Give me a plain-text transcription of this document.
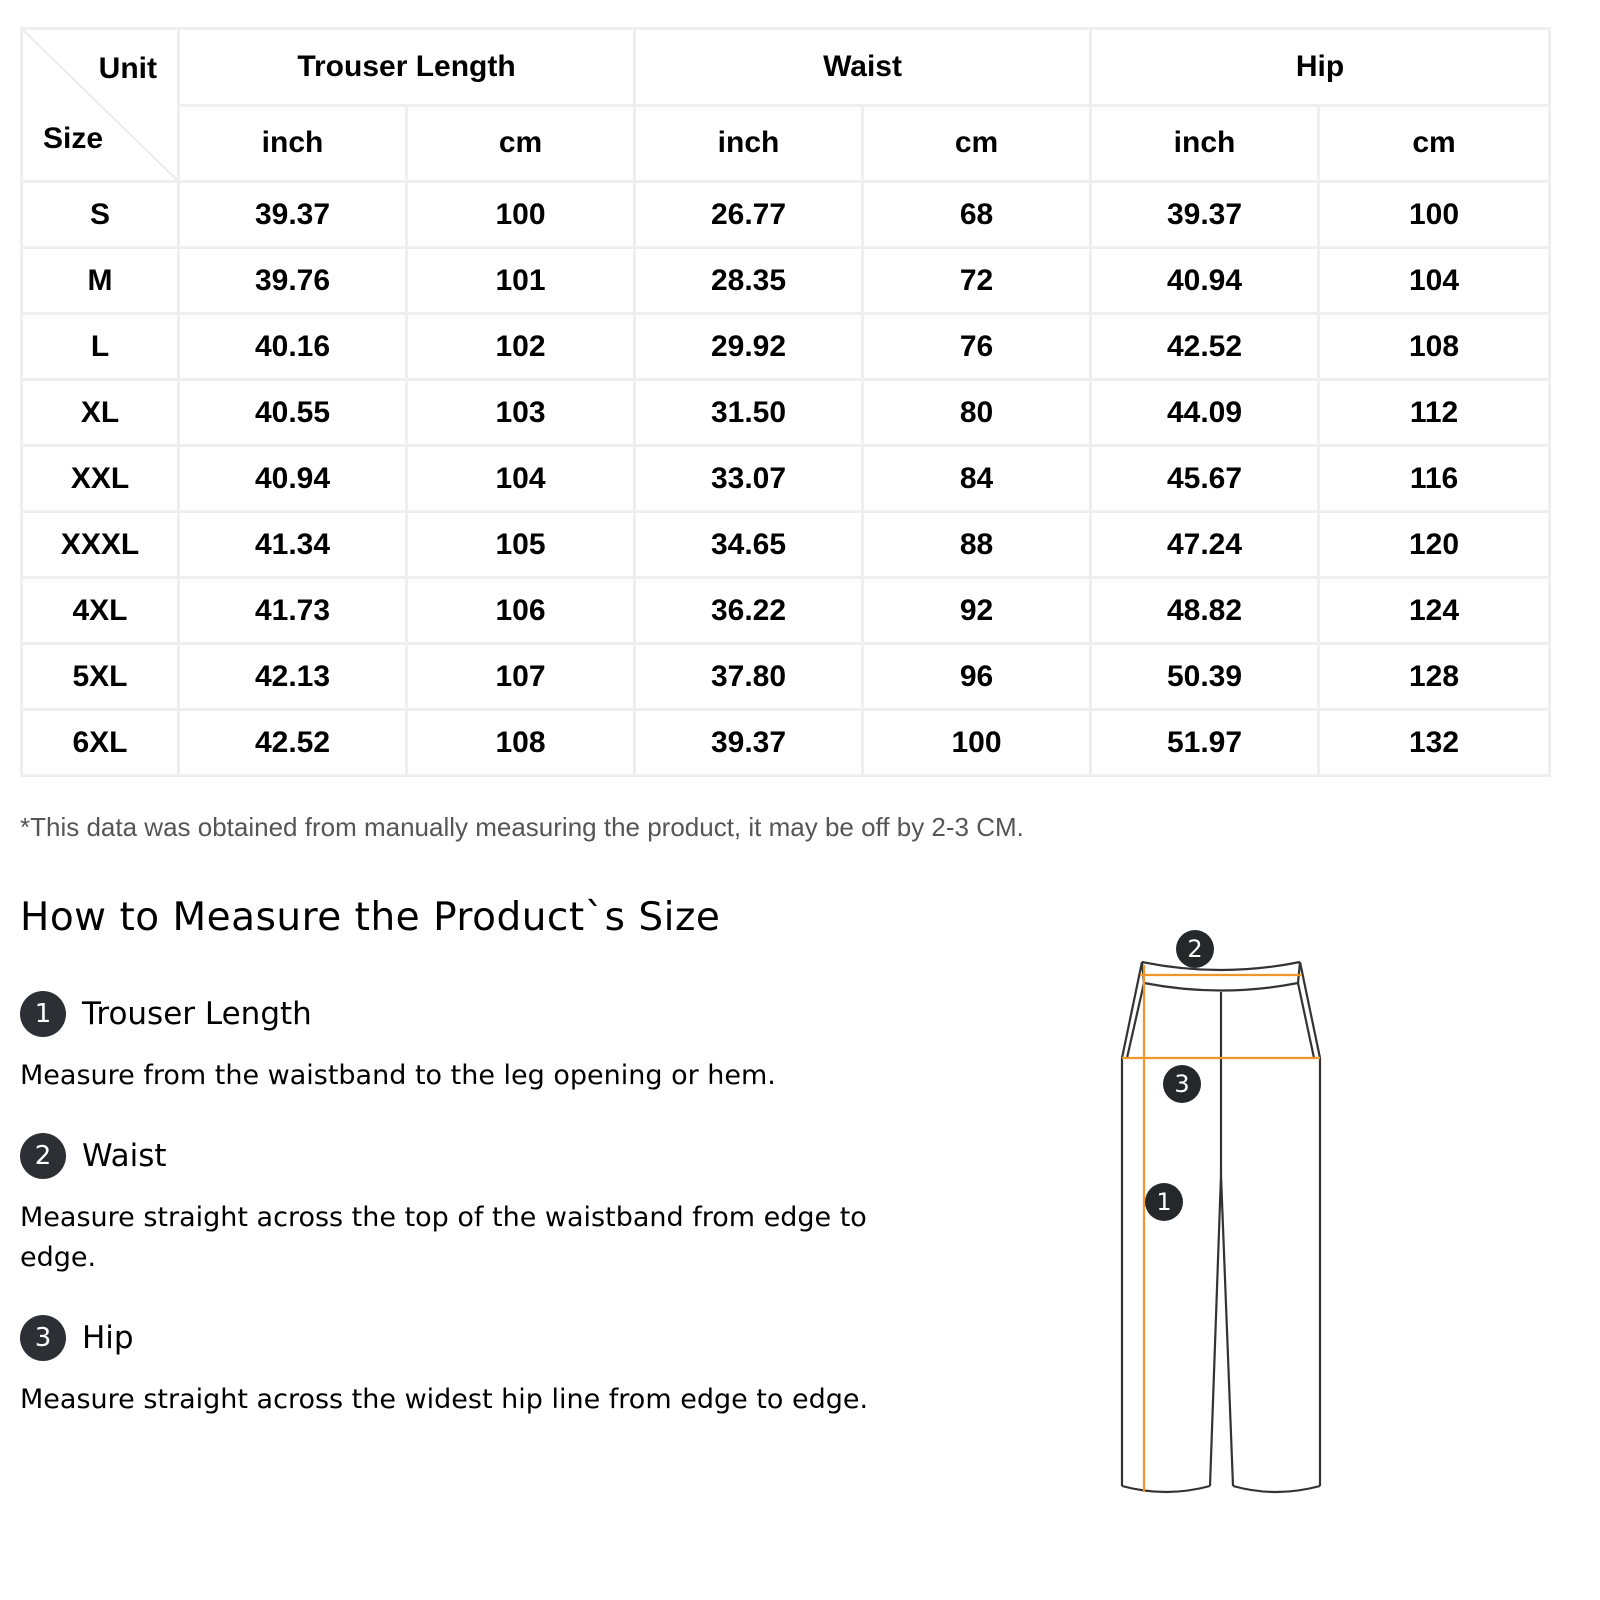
Unit
Size	Trouser Length		Waist		Hip	
	inch	cm	inch	cm	inch	cm
S	39.37	100	26.77	68	39.37	100
M	39.76	101	28.35	72	40.94	104
L	40.16	102	29.92	76	42.52	108
XL	40.55	103	31.50	80	44.09	112
XXL	40.94	104	33.07	84	45.67	116
XXXL	41.34	105	34.65	88	47.24	120
4XL	41.73	106	36.22	92	48.82	124
5XL	42.13	107	37.80	96	50.39	128
6XL	42.52	108	39.37	100	51.97	132
*This data was obtained from manually measuring the product, it may be off by 2-3 CM.
How to Measure the Product`s Size
1 Trouser Length
Measure from the waistband to the leg opening or hem.
2 Waist
Measure straight across the top of the waistband from edge to edge.
3 Hip
Measure straight across the widest hip line from edge to edge.
2
3
1
